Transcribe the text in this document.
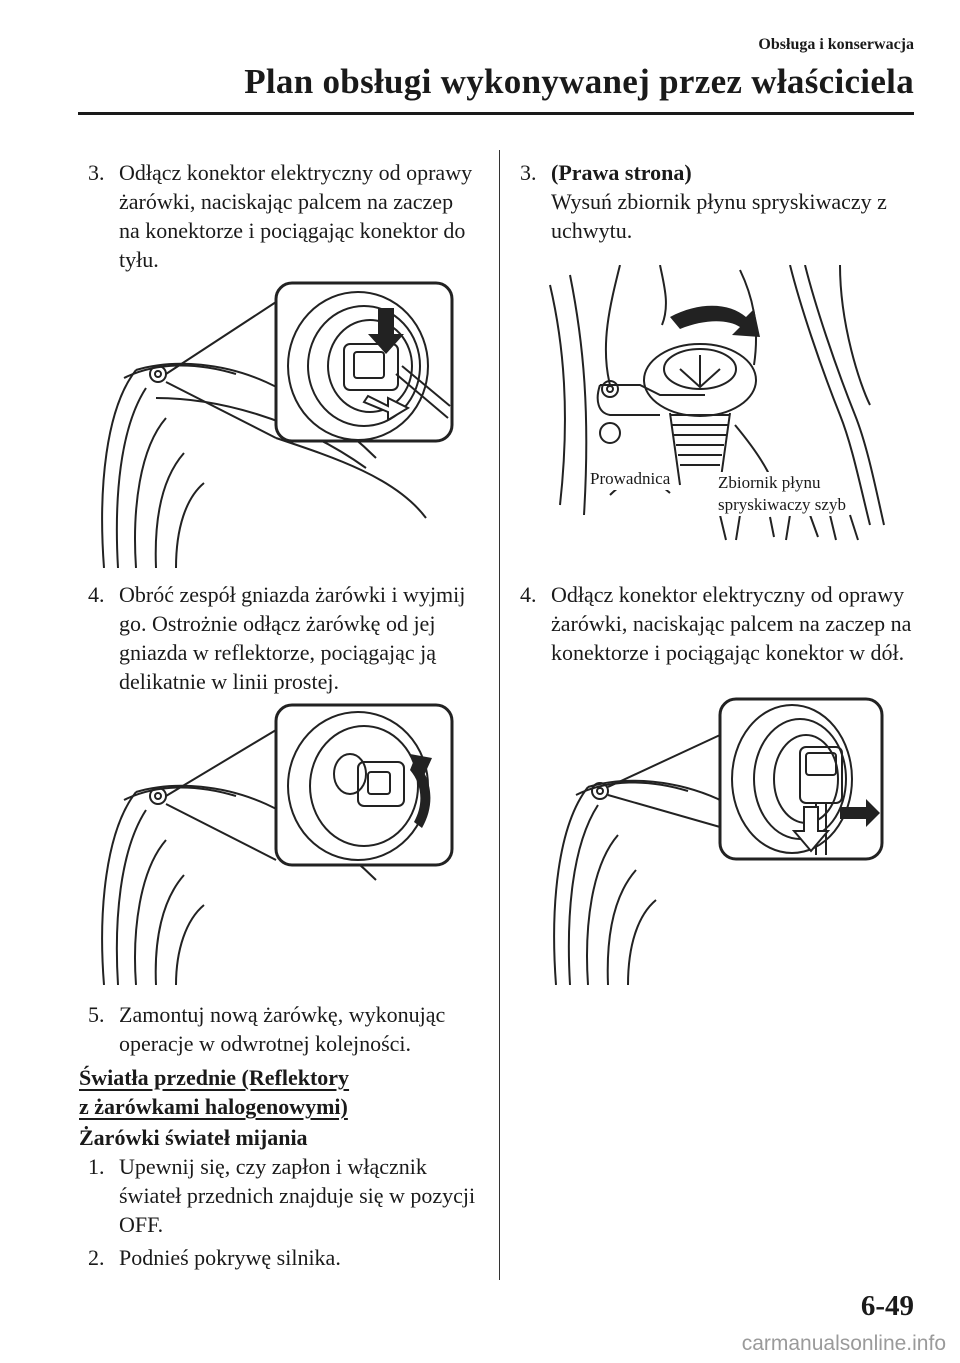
Obsługa i konserwacja
Plan obsługi wykonywanej przez właściciela
3. Odłącz konektor elektryczny od oprawy żarówki, naciskając palcem na zaczep na konektorze i pociągając konektor do tyłu.
4. Obróć zespół gniazda żarówki i wyjmij go. Ostrożnie odłącz żarówkę od jej gniazda w reflektorze, pociągając ją delikatnie w linii prostej.
5. Zamontuj nową żarówkę, wykonując operacje w odwrotnej kolejności.
Światła przednie (Reflektory
z żarówkami halogenowymi)
Żarówki świateł mijania
1. Upewnij się, czy zapłon i włącznik świateł przednich znajduje się w pozycji OFF.
2. Podnieś pokrywę silnika.
3. (Prawa strona)
Wysuń zbiornik płynu spryskiwaczy z uchwytu.
Prowadnica	Zbiornik płynu
spryskiwaczy szyb
4. Odłącz konektor elektryczny od oprawy żarówki, naciskając palcem na zaczep na konektorze i pociągając konektor w dół.
6-49
carmanualsonline.info
